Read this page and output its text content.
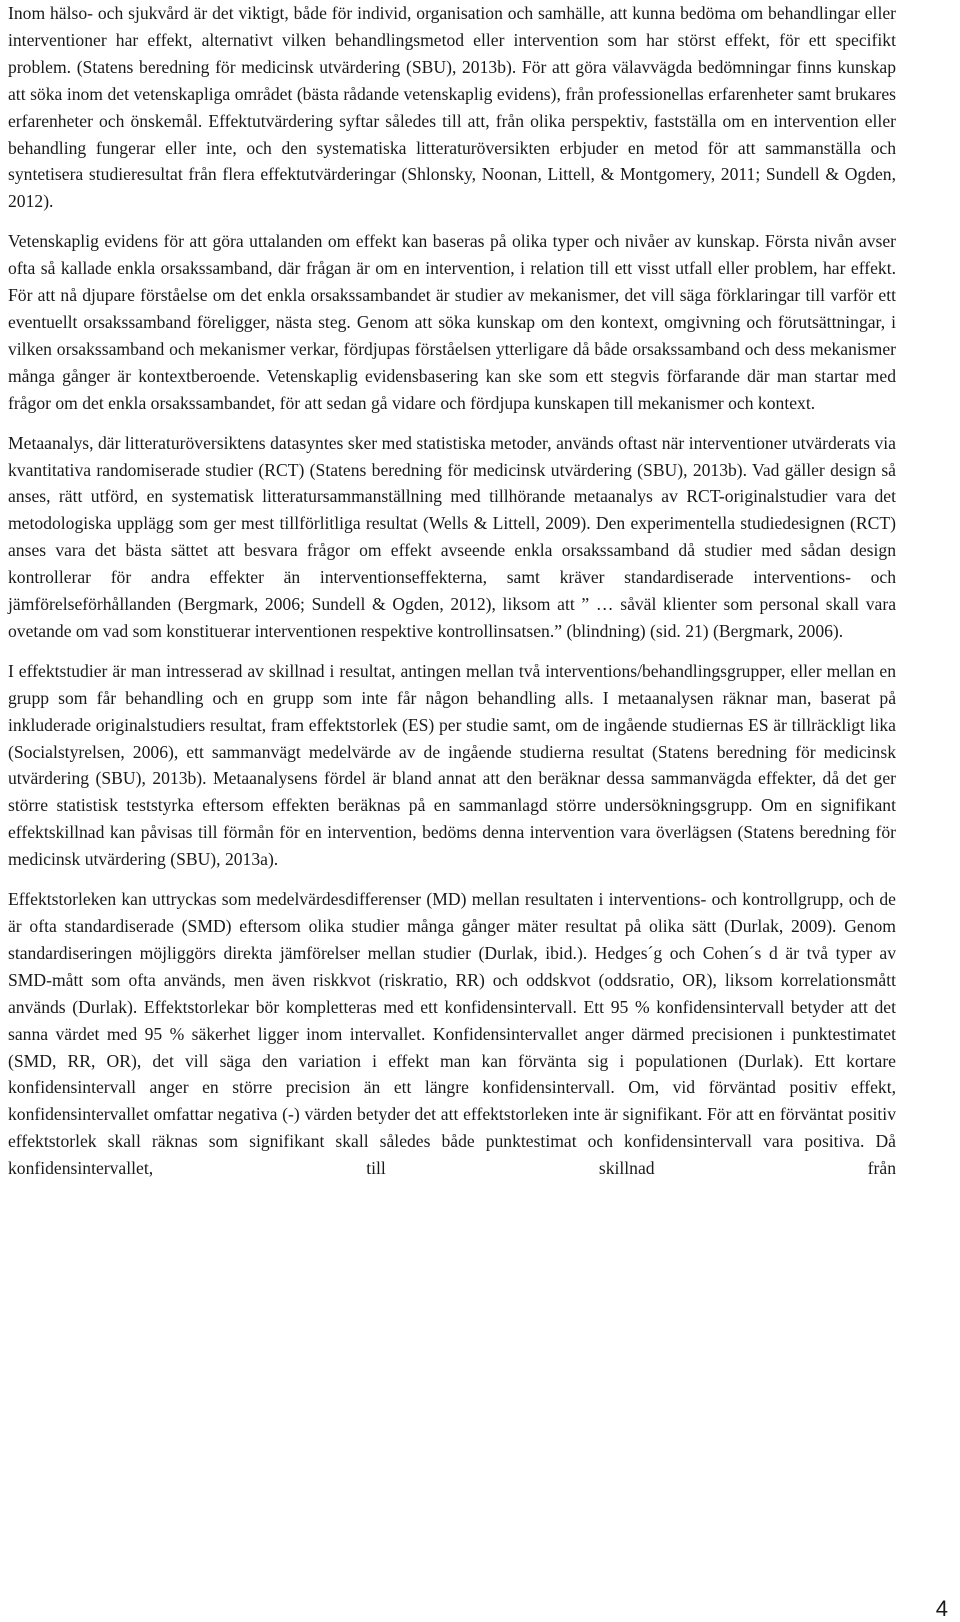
Inom hälso- och sjukvård är det viktigt, både för individ, organisation och samhälle, att kunna bedöma om behandlingar eller interventioner har effekt, alternativt vilken behandlingsmetod eller intervention som har störst effekt, för ett specifikt problem. (Statens beredning för medicinsk utvärdering (SBU), 2013b). För att göra välavvägda bedömningar finns kunskap att söka inom det vetenskapliga området (bästa rådande vetenskaplig evidens), från professionellas erfarenheter samt brukares erfarenheter och önskemål. Effektutvärdering syftar således till att, från olika perspektiv, fastställa om en intervention eller behandling fungerar eller inte, och den systematiska litteraturöversikten erbjuder en metod för att sammanställa och syntetisera studieresultat från flera effektutvärderingar (Shlonsky, Noonan, Littell, & Montgomery, 2011; Sundell & Ogden, 2012).

Vetenskaplig evidens för att göra uttalanden om effekt kan baseras på olika typer och nivåer av kunskap. Första nivån avser ofta så kallade enkla orsakssamband, där frågan är om en intervention, i relation till ett visst utfall eller problem, har effekt. För att nå djupare förståelse om det enkla orsakssambandet är studier av mekanismer, det vill säga förklaringar till varför ett eventuellt orsakssamband föreligger, nästa steg. Genom att söka kunskap om den kontext, omgivning och förutsättningar, i vilken orsakssamband och mekanismer verkar, fördjupas förståelsen ytterligare då både orsakssamband och dess mekanismer många gånger är kontextberoende. Vetenskaplig evidensbasering kan ske som ett stegvis förfarande där man startar med frågor om det enkla orsakssambandet, för att sedan gå vidare och fördjupa kunskapen till mekanismer och kontext.

Metaanalys, där litteraturöversiktens datasyntes sker med statistiska metoder, används oftast när interventioner utvärderats via kvantitativa randomiserade studier (RCT) (Statens beredning för medicinsk utvärdering (SBU), 2013b). Vad gäller design så anses, rätt utförd, en systematisk litteratursammanställning med tillhörande metaanalys av RCT-originalstudier vara det metodologiska upplägg som ger mest tillförlitliga resultat (Wells & Littell, 2009). Den experimentella studiedesignen (RCT) anses vara det bästa sättet att besvara frågor om effekt avseende enkla orsakssamband då studier med sådan design kontrollerar för andra effekter än interventionseffekterna, samt kräver standardiserade interventions- och jämförelseförhållanden (Bergmark, 2006; Sundell & Ogden, 2012), liksom att ” … såväl klienter som personal skall vara ovetande om vad som konstituerar interventionen respektive kontrollinsatsen.” (blindning) (sid. 21) (Bergmark, 2006).

I effektstudier är man intresserad av skillnad i resultat, antingen mellan två interventions/behandlingsgrupper, eller mellan en grupp som får behandling och en grupp som inte får någon behandling alls. I metaanalysen räknar man, baserat på inkluderade originalstudiers resultat, fram effektstorlek (ES) per studie samt, om de ingående studiernas ES är tillräckligt lika (Socialstyrelsen, 2006), ett sammanvägt medelvärde av de ingående studierna resultat (Statens beredning för medicinsk utvärdering (SBU), 2013b). Metaanalysens fördel är bland annat att den beräknar dessa sammanvägda effekter, då det ger större statistisk teststyrka eftersom effekten beräknas på en sammanlagd större undersökningsgrupp. Om en signifikant effektskillnad kan påvisas till förmån för en intervention, bedöms denna intervention vara överlägsen (Statens beredning för medicinsk utvärdering (SBU), 2013a).

Effektstorleken kan uttryckas som medelvärdesdifferenser (MD) mellan resultaten i interventions- och kontrollgrupp, och de är ofta standardiserade (SMD) eftersom olika studier många gånger mäter resultat på olika sätt (Durlak, 2009). Genom standardiseringen möjliggörs direkta jämförelser mellan studier (Durlak, ibid.). Hedges´g och Cohen´s d är två typer av SMD-mått som ofta används, men även riskkvot (riskratio, RR) och oddskvot (oddsratio, OR), liksom korrelationsmått används (Durlak). Effektstorlekar bör kompletteras med ett konfidensintervall. Ett 95 % konfidensintervall betyder att det sanna värdet med 95 % säkerhet ligger inom intervallet. Konfidensintervallet anger därmed precisionen i punktestimatet (SMD, RR, OR), det vill säga den variation i effekt man kan förvänta sig i populationen (Durlak). Ett kortare konfidensintervall anger en större precision än ett längre konfidensintervall. Om, vid förväntad positiv effekt, konfidensintervallet omfattar negativa (-) värden betyder det att effektstorleken inte är signifikant. För att en förväntat positiv effektstorlek skall räknas som signifikant skall således både punktestimat och konfidensintervall vara positiva. Då konfidensintervallet, till skillnad från

4
